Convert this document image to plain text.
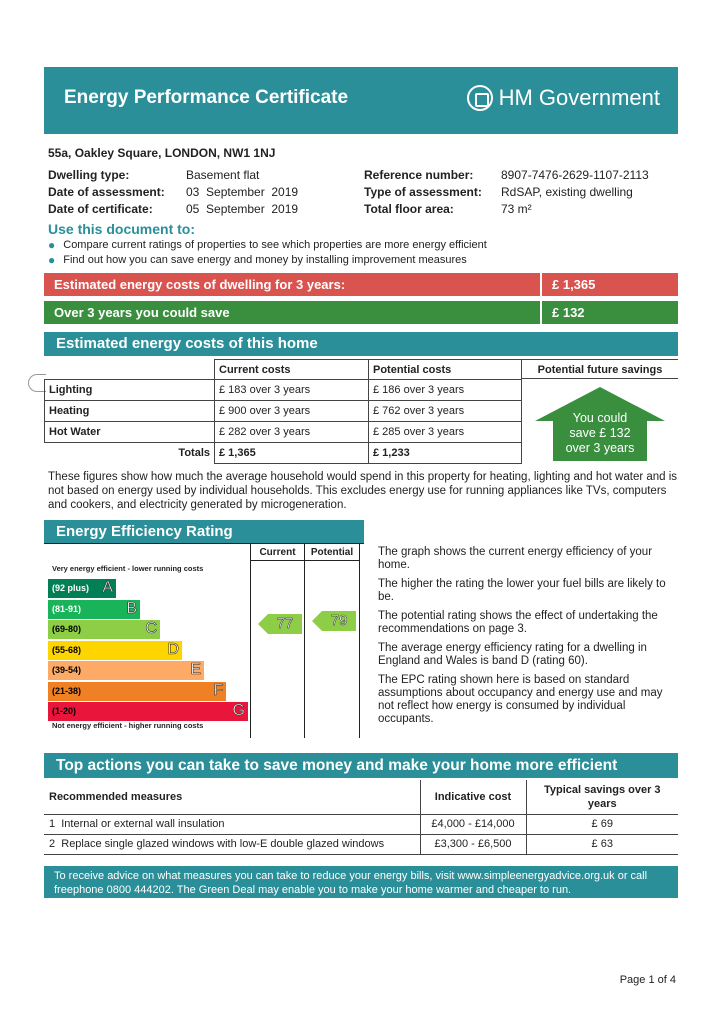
Energy Performance Certificate	HM Government
55a, Oakley Square, LONDON, NW1 1NJ
Dwelling type:	Basement flat
Date of assessment:	03  September  2019
Date of certificate:	05  September  2019
Reference number:	8907-7476-2629-1107-2113
Type of assessment:	RdSAP, existing dwelling
Total floor area:	73 m²
Use this document to:
● Compare current ratings of properties to see which properties are more energy efficient
● Find out how you can save energy and money by installing improvement measures
Estimated energy costs of dwelling for 3 years:	£ 1,365
Over 3 years you could save	£ 132
Estimated energy costs of this home
	Current costs	Potential costs
Lighting	£ 183 over 3 years	£ 186 over 3 years
Heating	£ 900 over 3 years	£ 762 over 3 years
Hot Water	£ 282 over 3 years	£ 285 over 3 years
Totals	£ 1,365	£ 1,233
Potential future savings
You could
save £ 132
over 3 years
These figures show how much the average household would spend in this property for heating, lighting and hot water and is not based on energy used by individual households. This excludes energy use for running appliances like TVs, computers and cookers, and electricity generated by microgeneration.
Energy Efficiency Rating
Very energy efficient - lower running costs
Current	Potential
(92 plus) A
(81-91)	B
(69-80)	C
(55-68)	D
(39-54)	E
(21-38)	F
(1-20)	G
77	79
Not energy efficient - higher running costs

The graph shows the current energy efficiency of your home.

The higher the rating the lower your fuel bills are likely to be.

The potential rating shows the effect of undertaking the recommendations on page 3.

The average energy efficiency rating for a dwelling in England and Wales is band D (rating 60).

The EPC rating shown here is based on standard assumptions about occupancy and energy use and may not reflect how energy is consumed by individual occupants.

Top actions you can take to save money and make your home more efficient
Recommended measures	Indicative cost	Typical savings over 3 years
1 Internal or external wall insulation	£4,000 - £14,000	£ 69
2 Replace single glazed windows with low-E double glazed windows	£3,300 - £6,500	£ 63
To receive advice on what measures you can take to reduce your energy bills, visit www.simpleenergyadvice.org.uk or call freephone 0800 444202. The Green Deal may enable you to make your home warmer and cheaper to run.
Page 1 of 4
